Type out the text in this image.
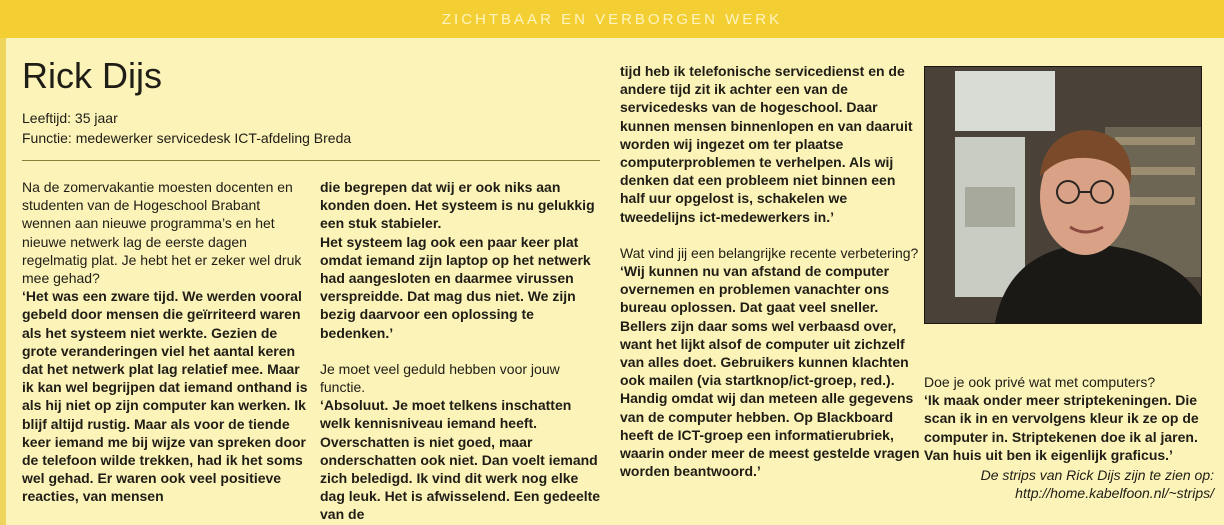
ZICHTBAAR EN VERBORGEN WERK
Rick Dijs
Leeftijd: 35 jaar
Functie: medewerker servicedesk ICT-afdeling Breda

Na de zomervakantie moesten docenten en studenten van de Hogeschool Brabant wennen aan nieuwe programma’s en het nieuwe netwerk lag de eerste dagen regelmatig plat. Je hebt het er zeker wel druk mee gehad?

‘Het was een zware tijd. We werden vooral gebeld door mensen die geïrriteerd waren als het systeem niet werkte. Gezien de grote veranderingen viel het aantal keren dat het netwerk plat lag relatief mee. Maar ik kan wel begrijpen dat iemand onthand is als hij niet op zijn computer kan werken. Ik blijf altijd rustig. Maar als voor de tiende keer iemand me bij wijze van spreken door de telefoon wilde trekken, had ik het soms wel gehad. Er waren ook veel positieve reacties, van mensen

die begrepen dat wij er ook niks aan konden doen. Het systeem is nu gelukkig een stuk stabieler.

Het systeem lag ook een paar keer plat omdat iemand zijn laptop op het netwerk had aangesloten en daarmee virussen verspreidde. Dat mag dus niet. We zijn bezig daarvoor een oplossing te bedenken.’

Je moet veel geduld hebben voor jouw functie.

‘Absoluut. Je moet telkens inschatten welk kennisniveau iemand heeft. Overschatten is niet goed, maar onderschatten ook niet. Dan voelt iemand zich beledigd. Ik vind dit werk nog elke dag leuk. Het is afwisselend. Een gedeelte van de

tijd heb ik telefonische servicedienst en de andere tijd zit ik achter een van de servicedesks van de hogeschool. Daar kunnen mensen binnenlopen en van daaruit worden wij ingezet om ter plaatse computerproblemen te verhelpen. Als wij denken dat een probleem niet binnen een half uur opgelost is, schakelen we tweedelijns ict-medewerkers in.’

Wat vind jij een belangrijke recente verbetering?

‘Wij kunnen nu van afstand de computer overnemen en problemen vanachter ons bureau oplossen. Dat gaat veel sneller. Bellers zijn daar soms wel verbaasd over, want het lijkt alsof de computer uit zichzelf van alles doet. Gebruikers kunnen klachten ook mailen (via startknop/ict-groep, red.). Handig omdat wij dan meteen alle gegevens van de computer hebben. Op Blackboard heeft de ICT-groep een informatierubriek, waarin onder meer de meest gestelde vragen worden beantwoord.’

Doe je ook privé wat met computers?

‘Ik maak onder meer striptekeningen. Die scan ik in en vervolgens kleur ik ze op de computer in. Striptekenen doe ik al jaren. Van huis uit ben ik eigenlijk graficus.’

De strips van Rick Dijs zijn te zien op:
http://home.kabelfoon.nl/~strips/
